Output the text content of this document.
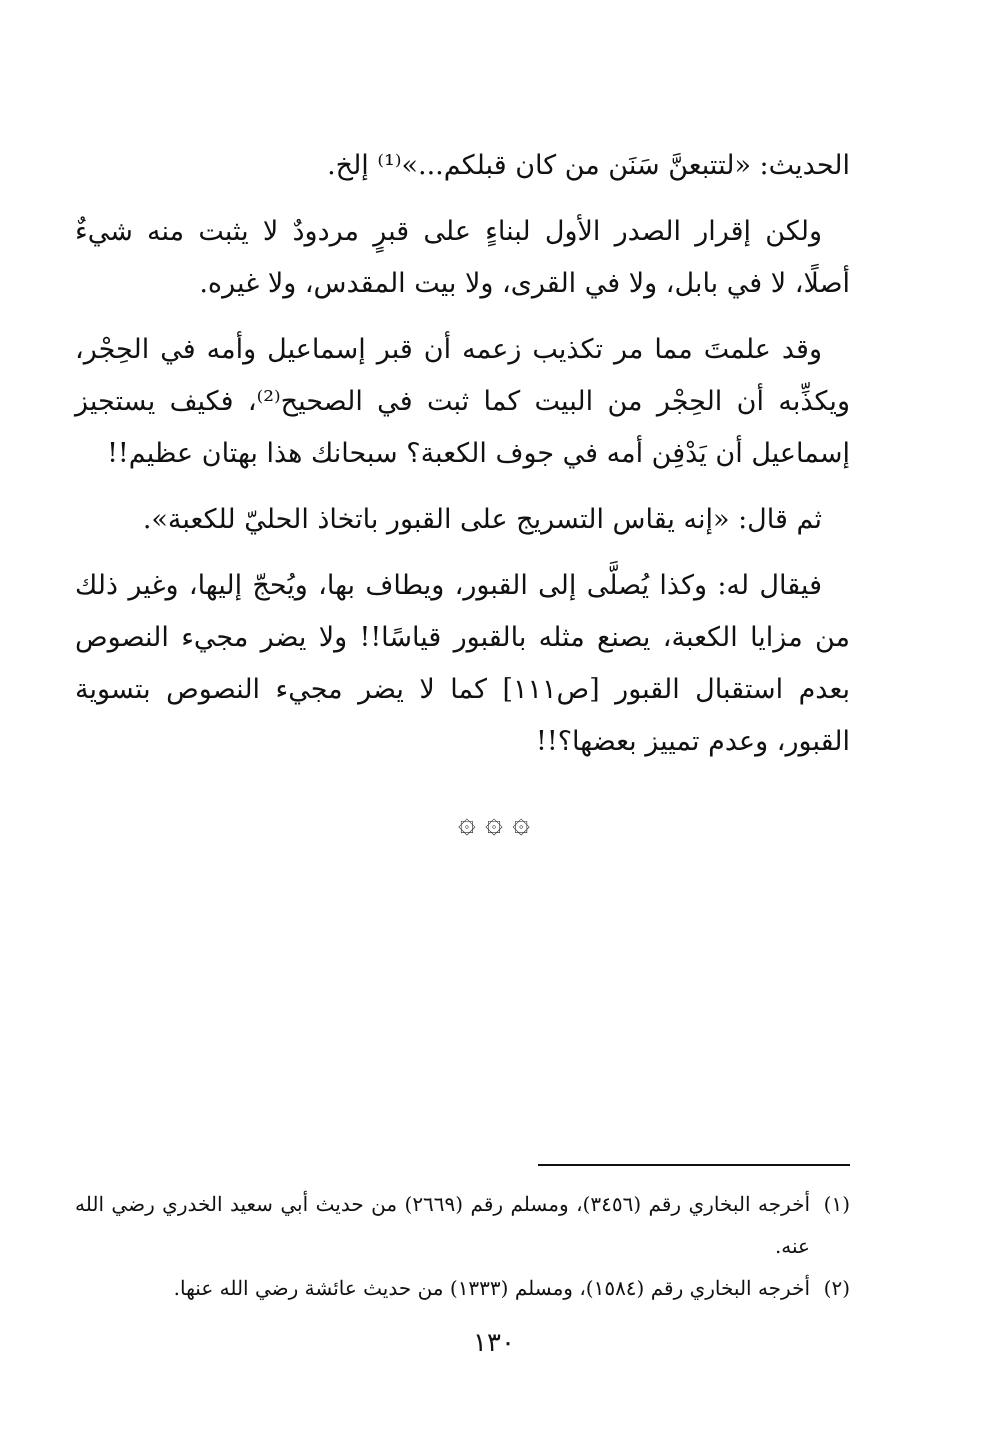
الحديث: «لتتبعنَّ سَنَن من كان قبلكم...»⁽¹⁾ إلخ.

ولكن إقرار الصدر الأول لبناءٍ على قبرٍ مردودٌ لا يثبت منه شيءٌ أصلًا، لا في بابل، ولا في القرى، ولا بيت المقدس، ولا غيره.

وقد علمتَ مما مر تكذيب زعمه أن قبر إسماعيل وأمه في الحِجْر، ويكذِّبه أن الحِجْر من البيت كما ثبت في الصحيح⁽²⁾، فكيف يستجيز إسماعيل أن يَدْفِن أمه في جوف الكعبة؟ سبحانك هذا بهتان عظيم!!

ثم قال: «إنه يقاس التسريج على القبور باتخاذ الحليّ للكعبة».

فيقال له: وكذا يُصلَّى إلى القبور، ويطاف بها، ويُحجّ إليها، وغير ذلك من مزايا الكعبة، يصنع مثله بالقبور قياسًا!! ولا يضر مجيء النصوص بعدم استقبال القبور [ص١١١] كما لا يضر مجيء النصوص بتسوية القبور، وعدم تمييز بعضها؟!!

۞ ۞ ۞

(١)
أخرجه البخاري رقم (٣٤٥٦)، ومسلم رقم (٢٦٦٩) من حديث أبي سعيد الخدري رضي الله عنه.

(٢)
أخرجه البخاري رقم (١٥٨٤)، ومسلم (١٣٣٣) من حديث عائشة رضي الله عنها.

١٣٠
